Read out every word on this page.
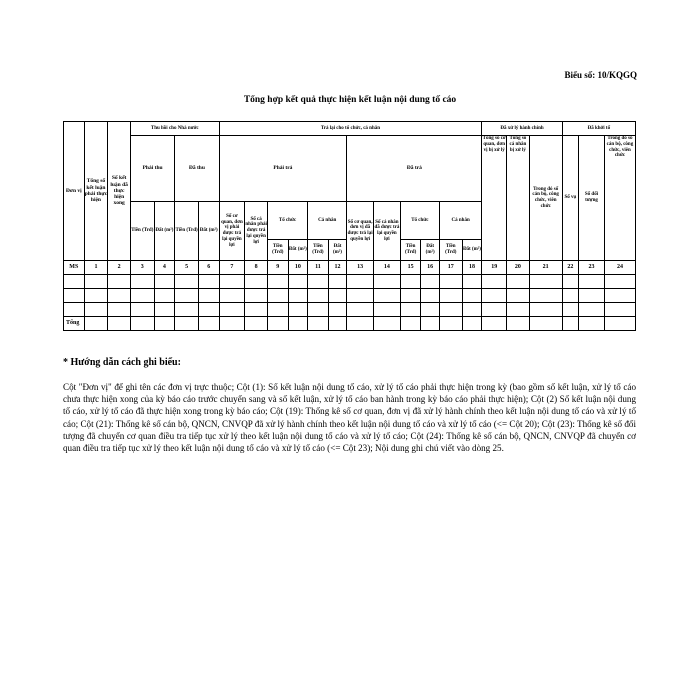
Biểu số: 10/KQGQ
Tổng hợp kết quả thực hiện kết luận nội dung tố cáo
Đơn vị	Tổng số kết luận phải thực hiện	Số kết luận đã thực hiện xong	Thu hồi cho Nhà nước				Trả lại cho tổ chức, cá nhân												Đã xử lý hành chính			Đã khởi tố		
			Phải thu		Đã thu		Phải trả						Đã trả						Tổng số cơ quan, đơn vị bị xử lý	Tổng số cá nhân bị xử lý	Trong đó số cán bộ, công chức, viên chức	Số vụ	Số đối tượng	Trong đó số cán bộ, công chức, viên chức
			Tiền (Trđ)	Đất (m²)	Tiền (Trđ)	Đất (m²)	Số cơ quan, đơn vị phải được trả lại quyền lợi	Số cá nhân phải được trả lại quyền lợi	Tổ chức		Cá nhân		Số cơ quan, đơn vị đã được trả lại quyền lợi	Số cá nhân đã được trả lại quyền lợi	Tổ chức		Cá nhân							
									Tiền (Trđ)	Đất (m²)	Tiền (Trđ)	Đất (m²)			Tiền (Trđ)	Đất (m²)	Tiền (Trđ)	Đất (m²)						

MS	1	2	3	4	5	6	7	8	9	10	11	12	13	14	15	16	17	18	19	20	21	22	23	24

Tổng																								
* Hướng dẫn cách ghi biểu:
Cột "Đơn vị" để ghi tên các đơn vị trực thuộc; Cột (1): Số kết luận nội dung tố cáo, xử lý tố cáo phải thực hiện trong kỳ (bao gồm số kết luận, xử lý tố cáo chưa thực hiện xong của kỳ báo cáo trước chuyển sang và số kết luận, xử lý tố cáo ban hành trong kỳ báo cáo phải thực hiện); Cột (2) Số kết luận nội dung tố cáo, xử lý tố cáo đã thực hiện xong trong kỳ báo cáo; Cột (19): Thống kê số cơ quan, đơn vị đã xử lý hành chính theo kết luận nội dung tố cáo và xử lý tố cáo; Cột (21): Thống kê số cán bộ, QNCN, CNVQP đã xử lý hành chính theo kết luận nội dung tố cáo và xử lý tố cáo (<= Cột 20); Cột (23): Thống kê số đối tượng đã chuyển cơ quan điều tra tiếp tục xử lý theo kết luận nội dung tố cáo và xử lý tố cáo; Cột (24): Thống kê số cán bộ, QNCN, CNVQP đã chuyển cơ quan điều tra tiếp tục xử lý theo kết luận nội dung tố cáo và xử lý tố cáo (<= Cột 23); Nội dung ghi chú viết vào dòng 25.
